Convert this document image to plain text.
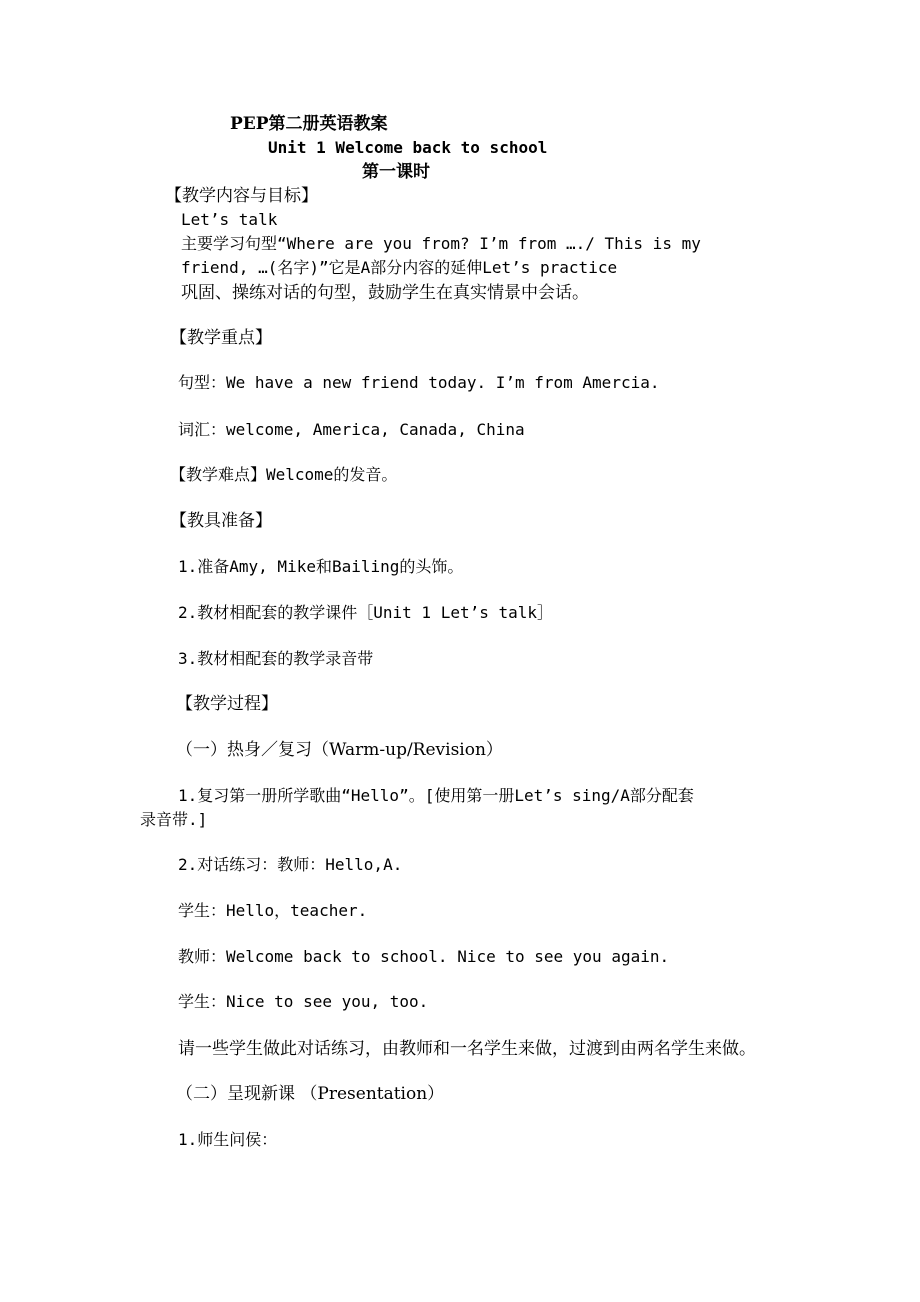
PEP第二册英语教案
Unit 1 Welcome back to school
第一课时
【教学内容与目标】
Let’s talk
主要学习句型“Where are you from? I’m from ….∕ This is my
friend, …(名字)”它是A部分内容的延伸Let’s practice
巩固、操练对话的句型，鼓励学生在真实情景中会话。
【教学重点】
句型：We have a new friend today. I’m from Amercia.
词汇：welcome, America, Canada, China
【教学难点】Welcome的发音。
【教具准备】
1.准备Amy, Mike和Bailing的头饰。
2.教材相配套的教学课件［Unit 1 Let’s talk］
3.教材相配套的教学录音带
【教学过程】
（一）热身／复习（Warm-up/Revision）
1.复习第一册所学歌曲“Hello”。[使用第一册Let’s sing/A部分配套
录音带.]
2.对话练习：教师：Hello,A.
学生：Hello，teacher.
教师：Welcome back to school. Nice to see you again.
学生：Nice to see you, too.
请一些学生做此对话练习，由教师和一名学生来做，过渡到由两名学生来做。
（二）呈现新课 （Presentation）
1.师生问侯：
